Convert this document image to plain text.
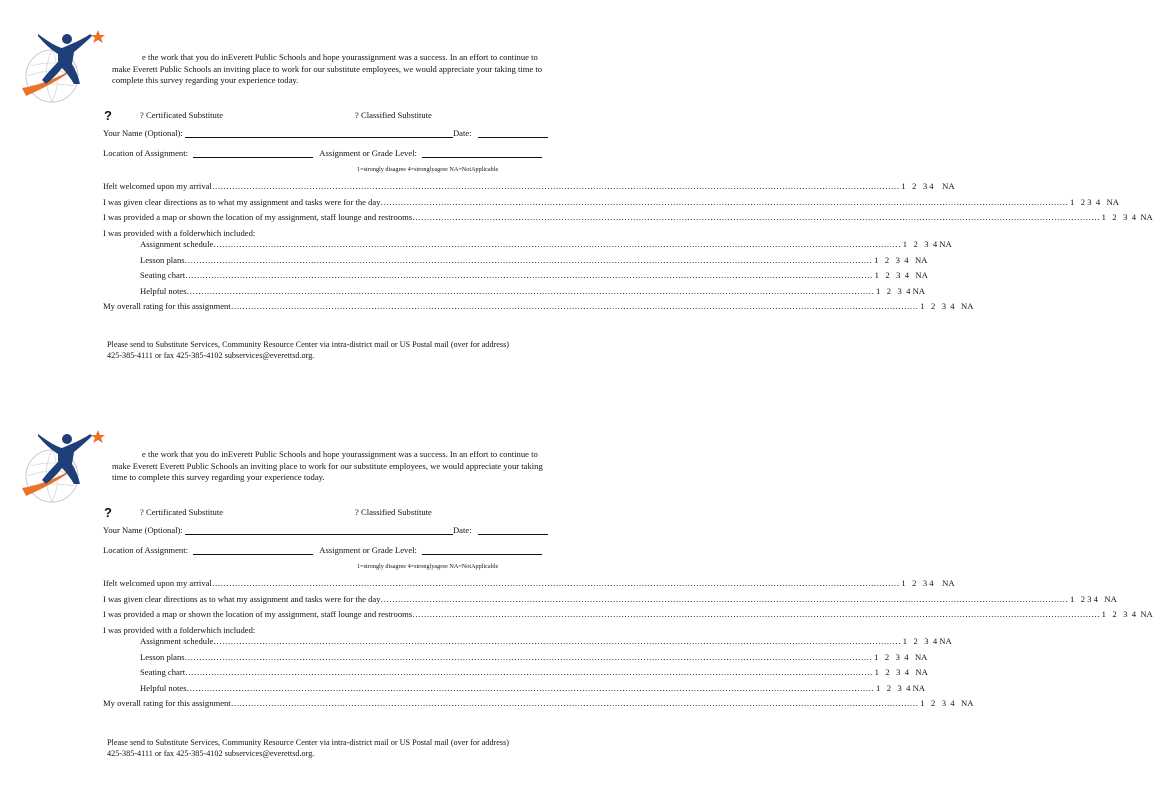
e the work that you do inEverett Public Schools and hope yourassignment was a success. In an effort to continue to make Everett Public Schools an inviting place to work for our substitute employees, we would appreciate your taking time to complete this survey regarding your experience today.
?	? Certificated Substitute	? Classified Substitute
Your Name (Optional):	Date:
Location of Assignment:	Assignment or Grade Level:
1=strongly disagree 4=stronglyagree NA=NotApplicable
Ifelt welcomed upon my arrival …………………………………………………………………………………………………………………………………………………………………………………………………………………… 1   2   3 4    NA
I was given clear directions as to what my assignment and tasks were for the day …………………………………………………………………………………………………………………………………………………………………………………………………………………… 1   2 3  4   NA
I was provided a map or shown the location of my assignment, staff lounge and restrooms …………………………………………………………………………………………………………………………………………………………………………………………………………………… 1   2   3  4  NA
I was provided with a folderwhich included:
Assignment schedule …………………………………………………………………………………………………………………………………………………………………………………………………………………… 1   2   3  4 NA
Lesson plans …………………………………………………………………………………………………………………………………………………………………………………………………………………… 1   2   3  4   NA
Seating chart …………………………………………………………………………………………………………………………………………………………………………………………………………………… 1   2   3  4   NA
Helpful notes …………………………………………………………………………………………………………………………………………………………………………………………………………………… 1   2   3  4 NA
My overall rating for this assignment …………………………………………………………………………………………………………………………………………………………………………………………………………………… 1   2   3  4   NA
Please send to Substitute Services, Community Resource Center via intra-district mail or US Postal mail (over for address)
425-385-4111 or fax 425-385-4102 subservices@everettsd.org.
e the work that you do inEverett Public Schools and hope yourassignment was a success. In an effort to continue to make Everett Everett Public Schools an inviting place to work for our substitute employees, we would appreciate your taking time to complete this survey regarding your experience today.
?	? Certificated Substitute	? Classified Substitute
Your Name (Optional):	Date:
Location of Assignment:	Assignment or Grade Level:
1=strongly disagree 4=stronglyagree NA=NotApplicable
Ifelt welcomed upon my arrival …………………………………………………………………………………………………………………………………………………………………………………………………………………… 1   2   3 4    NA
I was given clear directions as to what my assignment and tasks were for the day …………………………………………………………………………………………………………………………………………………………………………………………………………………… 1   2 3 4   NA
I was provided a map or shown the location of my assignment, staff lounge and restrooms …………………………………………………………………………………………………………………………………………………………………………………………………………………… 1   2   3  4  NA
I was provided with a folderwhich included:
Assignment schedule …………………………………………………………………………………………………………………………………………………………………………………………………………………… 1   2   3  4 NA
Lesson plans …………………………………………………………………………………………………………………………………………………………………………………………………………………… 1   2   3  4   NA
Seating chart …………………………………………………………………………………………………………………………………………………………………………………………………………………… 1   2   3  4   NA
Helpful notes …………………………………………………………………………………………………………………………………………………………………………………………………………………… 1   2   3  4 NA
My overall rating for this assignment …………………………………………………………………………………………………………………………………………………………………………………………………………………… 1   2   3  4   NA
Please send to Substitute Services, Community Resource Center via intra-district mail or US Postal mail (over for address)
425-385-4111 or fax 425-385-4102 subservices@everettsd.org.
